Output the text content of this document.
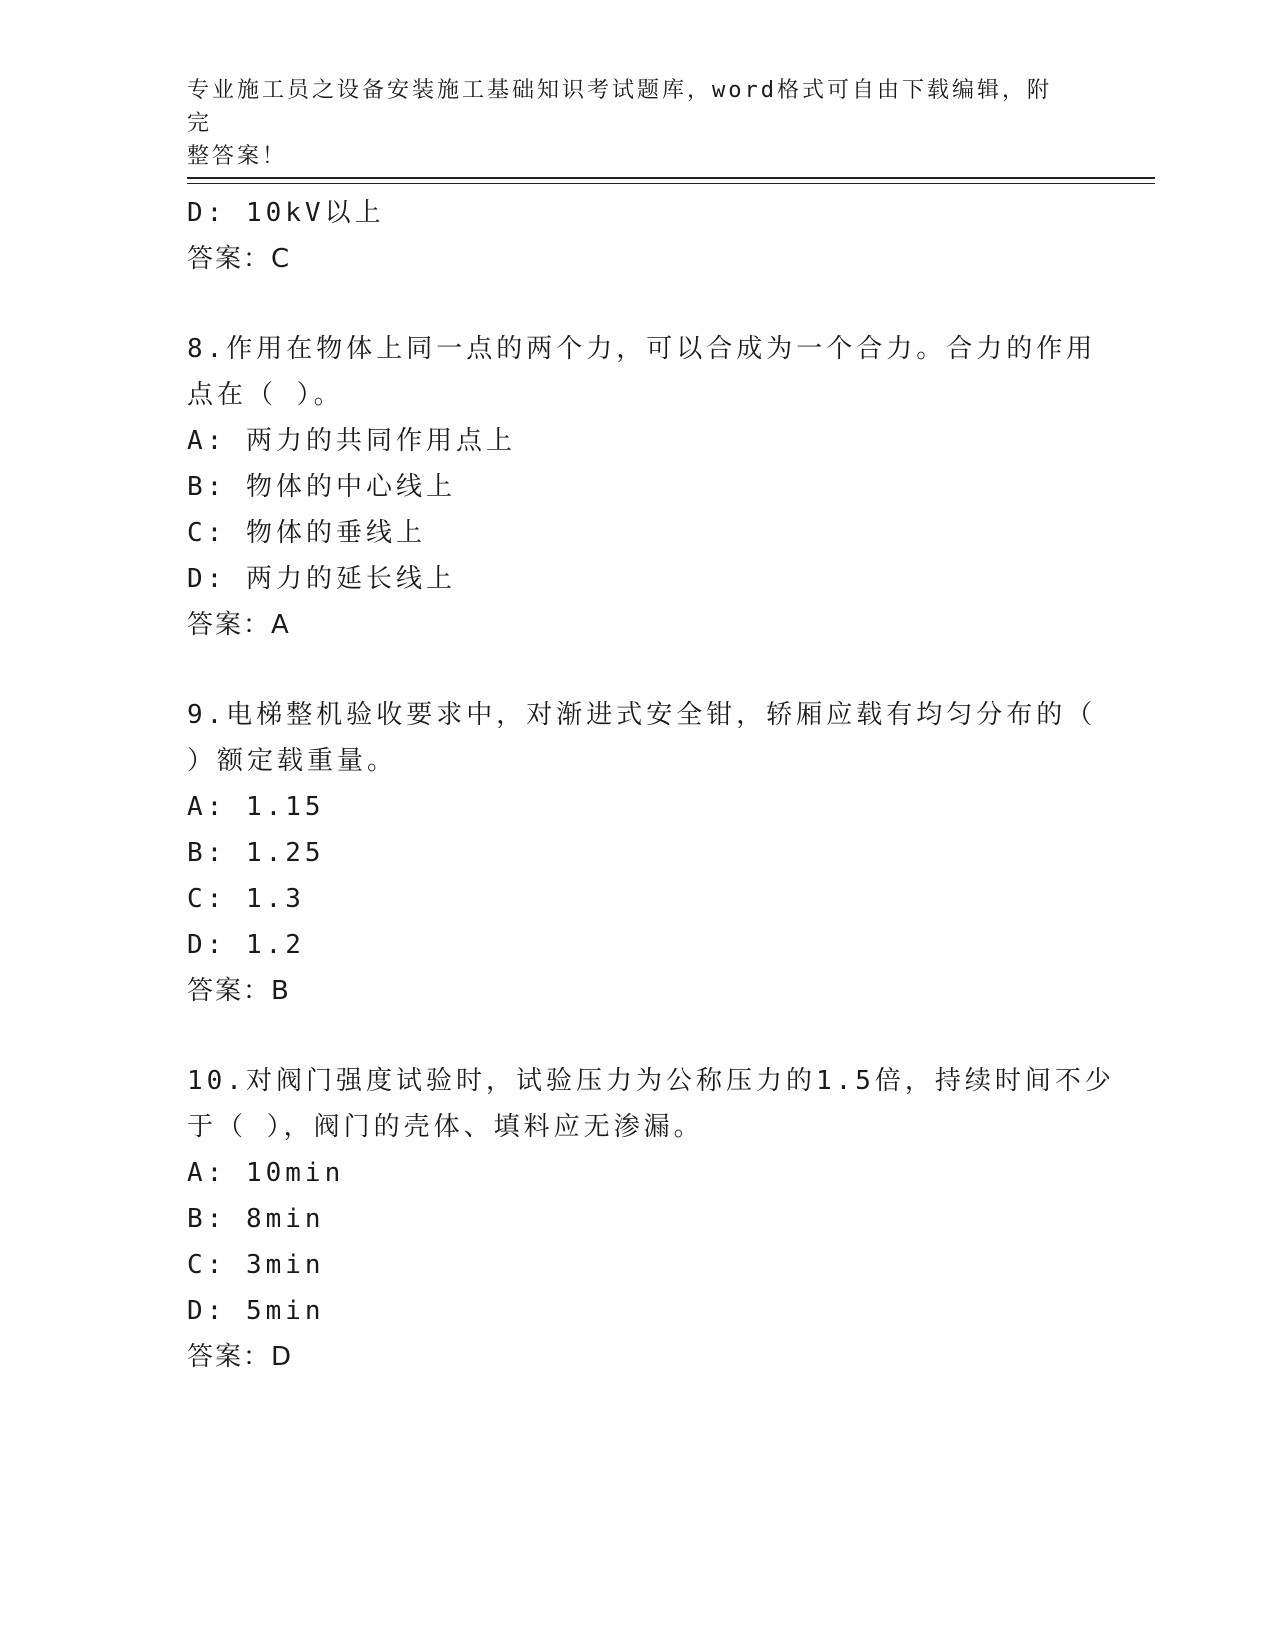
专业施工员之设备安装施工基础知识考试题库，word格式可自由下载编辑，附完
整答案！
D: 10kV以上
答案：C
8.作用在物体上同一点的两个力，可以合成为一个合力。合力的作用
点在（ ）。
A: 两力的共同作用点上
B: 物体的中心线上
C: 物体的垂线上
D: 两力的延长线上
答案：A
9.电梯整机验收要求中，对渐进式安全钳，轿厢应载有均匀分布的（
）额定载重量。
A: 1.15
B: 1.25
C: 1.3
D: 1.2
答案：B
10.对阀门强度试验时，试验压力为公称压力的1.5倍，持续时间不少
于（ ），阀门的壳体、填料应无渗漏。
A: 10min
B: 8min
C: 3min
D: 5min
答案：D
